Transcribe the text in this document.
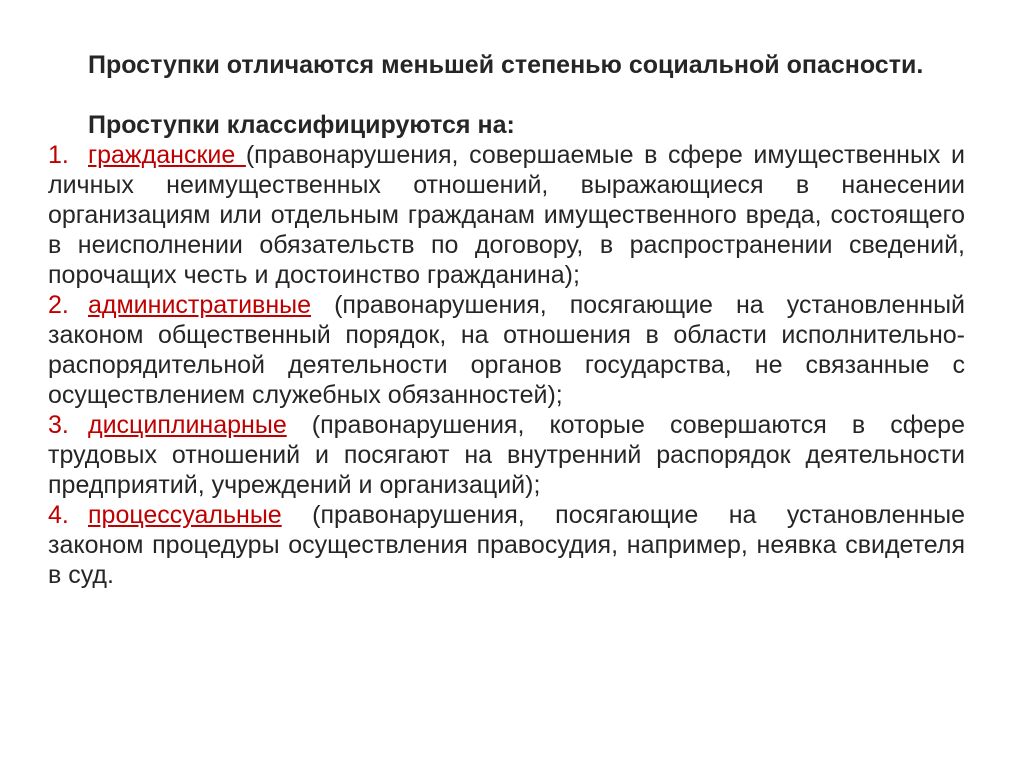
Проступки отличаются меньшей степенью социальной опасности.
Проступки классифицируются на:
1. гражданские (правонарушения, совершаемые в сфере имущественных и личных неимущественных отношений, выражающиеся в нанесении организациям или отдельным гражданам имущественного вреда, состоящего в неисполнении обязательств по договору, в распространении сведений, порочащих честь и достоинство гражданина);
2. административные (правонарушения, посягающие на установленный законом общественный порядок, на отношения в области исполнительно-распорядительной деятельности органов государства, не связанные с осуществлением служебных обязанностей);
3. дисциплинарные (правонарушения, которые совершаются в сфере трудовых отношений и посягают на внутренний распорядок деятельности предприятий, учреждений и организаций);
4. процессуальные (правонарушения, посягающие на установленные законом процедуры осуществления правосудия, например, неявка свидетеля в суд.
